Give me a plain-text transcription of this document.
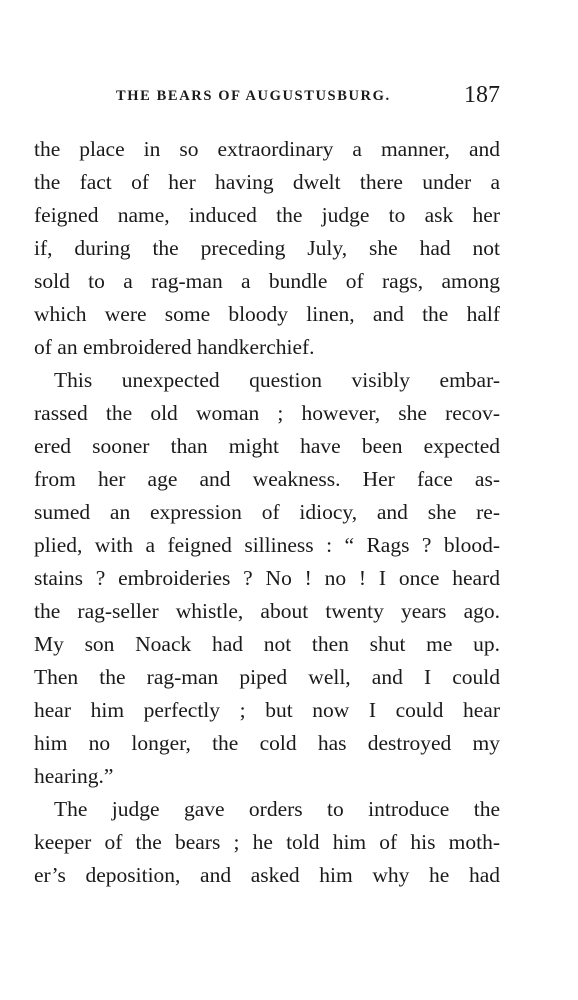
THE BEARS OF AUGUSTUSBURG.	187
the place in so extraordinary a manner, and
the fact of her having dwelt there under a
feigned name, induced the judge to ask her
if, during the preceding July, she had not
sold to a rag-man a bundle of rags, among
which were some bloody linen, and the half
of an embroidered handkerchief.
This unexpected question visibly embar-
rassed the old woman ; however, she recov-
ered sooner than might have been expected
from her age and weakness. Her face as-
sumed an expression of idiocy, and she re-
plied, with a feigned silliness : “ Rags ? blood-
stains ? embroideries ? No ! no ! I once heard
the rag-seller whistle, about twenty years ago.
My son Noack had not then shut me up.
Then the rag-man piped well, and I could
hear him perfectly ; but now I could hear
him no longer, the cold has destroyed my
hearing.”
The judge gave orders to introduce the
keeper of the bears ; he told him of his moth-
er’s deposition, and asked him why he had
